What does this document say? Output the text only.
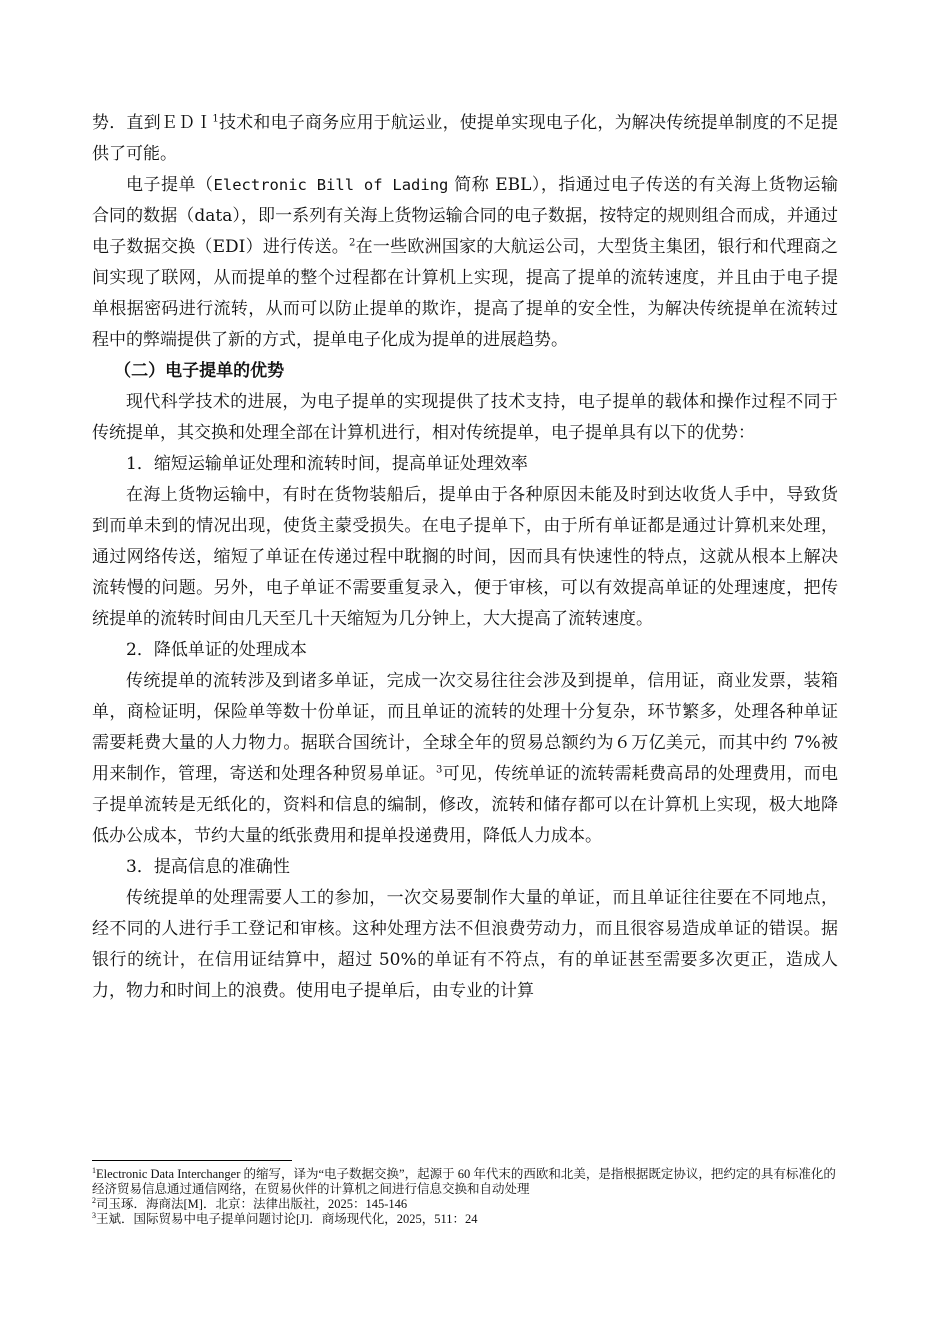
势．直到ＥＤＩ$^1$技术和电子商务应用于航运业，使提单实现电子化，为解决传统提单制度的不足提供了可能。

电子提单（Electronic Bill of Lading 简称 EBL），指通过电子传送的有关海上货物运输合同的数据（data），即一系列有关海上货物运输合同的电子数据，按特定的规则组合而成，并通过电子数据交换（EDI）进行传送。$^2$在一些欧洲国家的大航运公司，大型货主集团，银行和代理商之间实现了联网，从而提单的整个过程都在计算机上实现，提高了提单的流转速度，并且由于电子提单根据密码进行流转，从而可以防止提单的欺诈，提高了提单的安全性，为解决传统提单在流转过程中的弊端提供了新的方式，提单电子化成为提单的进展趋势。

（二）电子提单的优势

现代科学技术的进展，为电子提单的实现提供了技术支持，电子提单的载体和操作过程不同于传统提单，其交换和处理全部在计算机进行，相对传统提单，电子提单具有以下的优势：

1．缩短运输单证处理和流转时间，提高单证处理效率

在海上货物运输中，有时在货物装船后，提单由于各种原因未能及时到达收货人手中，导致货到而单未到的情况出现，使货主蒙受损失。在电子提单下，由于所有单证都是通过计算机来处理，通过网络传送，缩短了单证在传递过程中耽搁的时间，因而具有快速性的特点，这就从根本上解决流转慢的问题。另外，电子单证不需要重复录入，便于审核，可以有效提高单证的处理速度，把传统提单的流转时间由几天至几十天缩短为几分钟上，大大提高了流转速度。

2．降低单证的处理成本

传统提单的流转涉及到诸多单证，完成一次交易往往会涉及到提单，信用证，商业发票，装箱单，商检证明，保险单等数十份单证，而且单证的流转的处理十分复杂，环节繁多，处理各种单证需要耗费大量的人力物力。据联合国统计，全球全年的贸易总额约为６万亿美元，而其中约 7%被用来制作，管理，寄送和处理各种贸易单证。$^3$可见，传统单证的流转需耗费高昂的处理费用，而电子提单流转是无纸化的，资料和信息的编制，修改，流转和储存都可以在计算机上实现，极大地降低办公成本，节约大量的纸张费用和提单投递费用，降低人力成本。

3．提高信息的准确性

传统提单的处理需要人工的参加，一次交易要制作大量的单证，而且单证往往要在不同地点，经不同的人进行手工登记和审核。这种处理方法不但浪费劳动力，而且很容易造成单证的错误。据银行的统计，在信用证结算中，超过 50%的单证有不符点，有的单证甚至需要多次更正，造成人力，物力和时间上的浪费。使用电子提单后，由专业的计算

$^1$Electronic Data Interchanger 的缩写，译为“电子数据交换”，起源于 60 年代末的西欧和北美，是指根据既定协议，把约定的具有标准化的经济贸易信息通过通信网络，在贸易伙伴的计算机之间进行信息交换和自动处理

$^2$司玉琢．海商法[M]．北京：法律出版社，2025：145-146

$^3$王斌．国际贸易中电子提单问题讨论[J]．商场现代化，2025，511：24
